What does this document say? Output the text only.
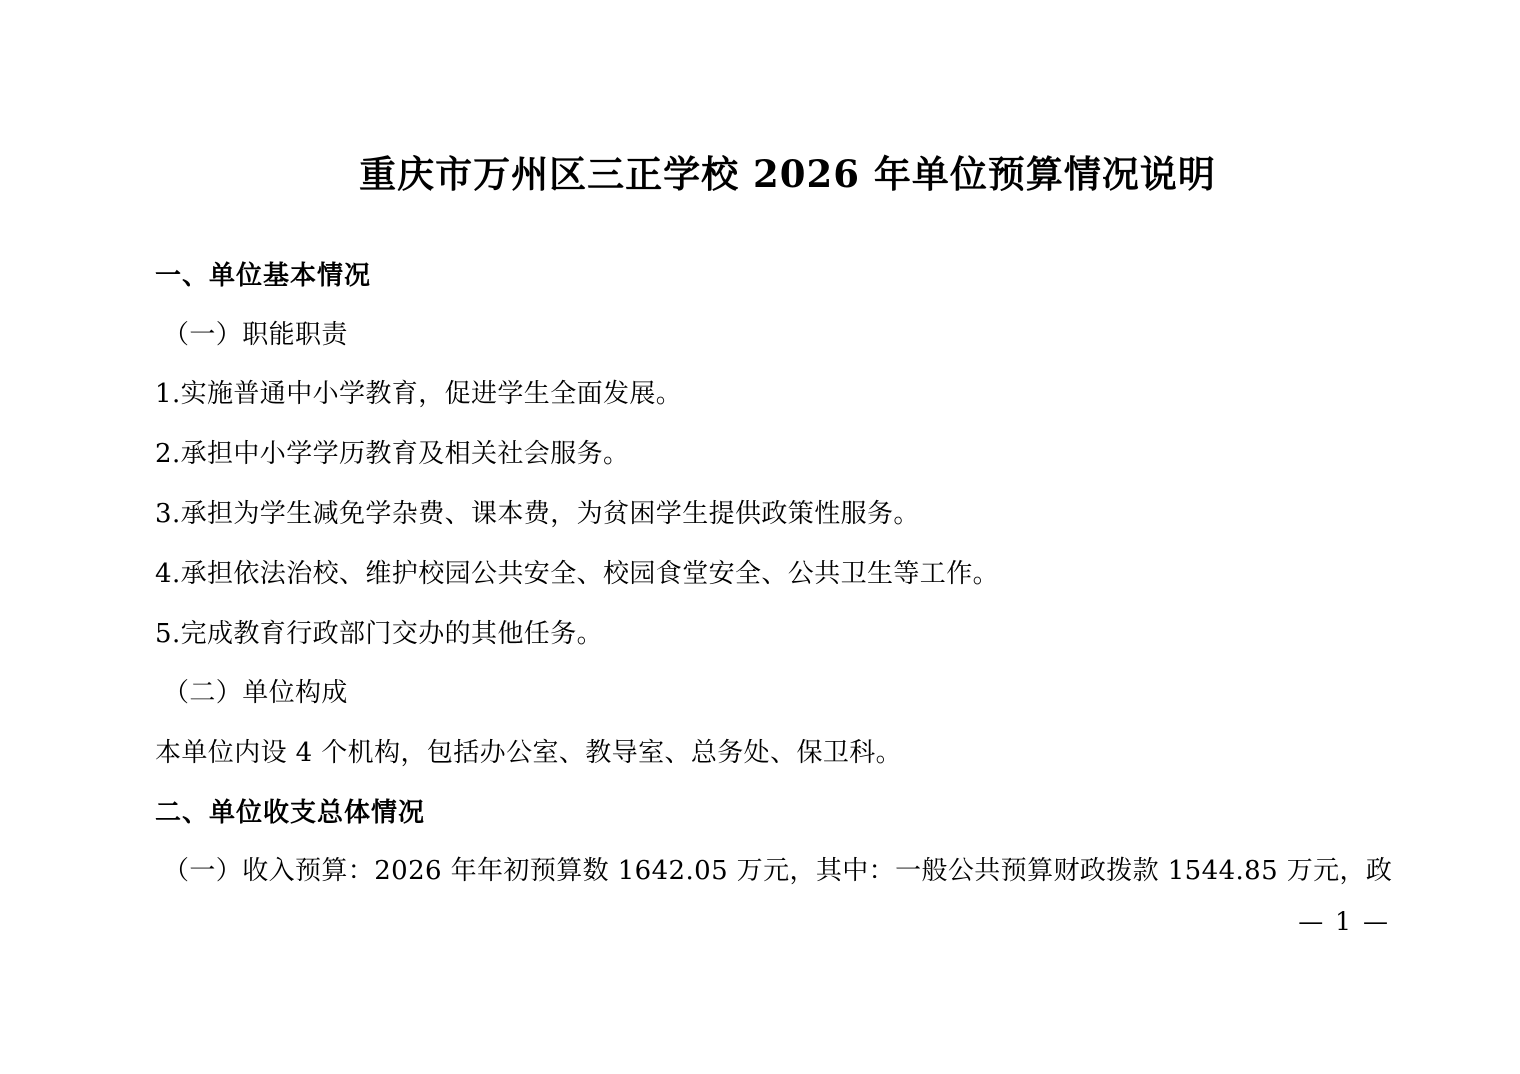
重庆市万州区三正学校 2026 年单位预算情况说明
一、单位基本情况
（一）职能职责
1.实施普通中小学教育，促进学生全面发展。
2.承担中小学学历教育及相关社会服务。
3.承担为学生减免学杂费、课本费，为贫困学生提供政策性服务。
4.承担依法治校、维护校园公共安全、校园食堂安全、公共卫生等工作。
5.完成教育行政部门交办的其他任务。
（二）单位构成
本单位内设 4 个机构，包括办公室、教导室、总务处、保卫科。
二、单位收支总体情况
（一）收入预算：2026 年年初预算数 1642.05 万元，其中：一般公共预算财政拨款 1544.85 万元，政
— 1 —
